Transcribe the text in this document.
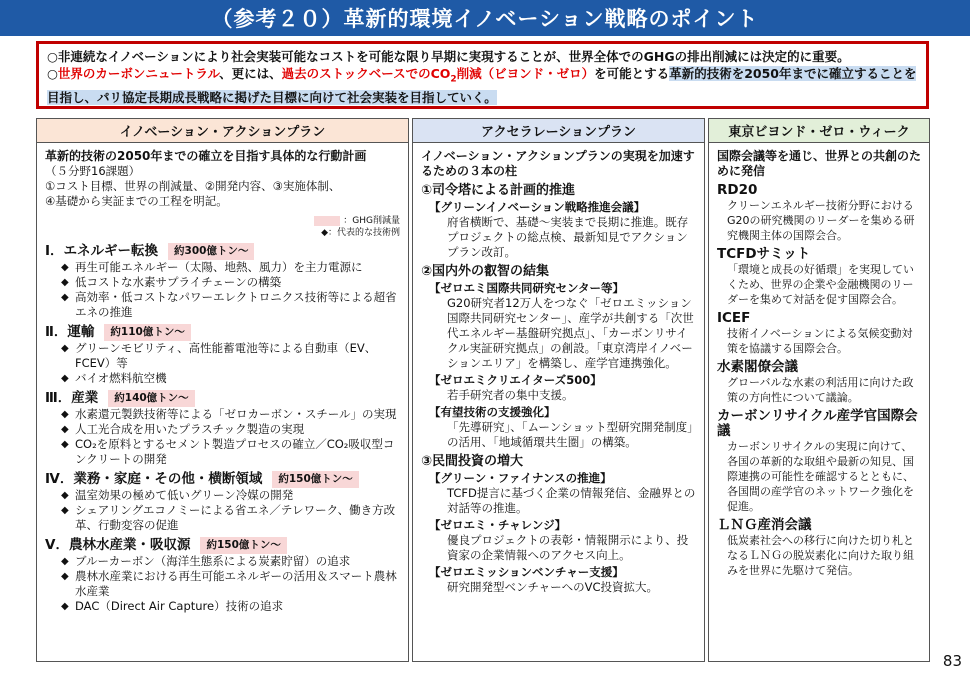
（参考２０）革新的環境イノベーション戦略のポイント
○非連続なイノベーションにより社会実装可能なコストを可能な限り早期に実現することが、世界全体でのGHGの排出削減には決定的に重要。
○世界のカーボンニュートラル、更には、過去のストックベースでの$CO_2$削減（ビヨンド・ゼロ）を可能とする革新的技術を2050年までに確立することを目指し、パリ協定長期成長戦略に掲げた目標に向けて社会実装を目指していく。
イノベーション・アクションプラン
革新的技術の2050年までの確立を目指す具体的な行動計画
（５分野16課題）
①コスト目標、世界の削減量、②開発内容、③実施体制、
④基礎から実証までの工程を明記。
：GHG削減量
◆：代表的な技術例
Ⅰ．エネルギー転換	約300億トン～
◆ 再生可能エネルギー（太陽、地熱、風力）を主力電源に
◆ 低コストな水素サプライチェーンの構築
◆ 高効率・低コストなパワーエレクトロニクス技術等による超省エネの推進
Ⅱ．運輸	約110億トン～
◆ グリーンモビリティ、高性能蓄電池等による自動車（EV、FCEV）等
◆ バイオ燃料航空機
Ⅲ．産業	約140億トン～
◆ 水素還元製鉄技術等による「ゼロカーボン・スチール」の実現
◆ 人工光合成を用いたプラスチック製造の実現
◆ CO₂を原料とするセメント製造プロセスの確立／CO₂吸収型コンクリートの開発
Ⅳ．業務・家庭・その他・横断領域	約150億トン～
◆ 温室効果の極めて低いグリーン冷媒の開発
◆ シェアリングエコノミーによる省エネ／テレワーク、働き方改革、行動変容の促進
Ⅴ．農林水産業・吸収源	約150億トン～
◆ ブルーカーボン（海洋生態系による炭素貯留）の追求
◆ 農林水産業における再生可能エネルギーの活用＆スマート農林水産業
◆ DAC（Direct Air Capture）技術の追求
アクセラレーションプラン
イノベーション・アクションプランの実現を加速するための３本の柱
①司令塔による計画的推進
【グリーンイノベーション戦略推進会議】
府省横断で、基礎～実装まで長期に推進。既存プロジェクトの総点検、最新知見でアクションプラン改訂。
②国内外の叡智の結集
【ゼロエミ国際共同研究センター等】
G20研究者12万人をつなぐ「ゼロエミッション国際共同研究センター」、産学が共創する「次世代エネルギー基盤研究拠点」、「カーボンリサイクル実証研究拠点」の創設。「東京湾岸イノベーションエリア」を構築し、産学官連携強化。
【ゼロエミクリエイターズ500】
若手研究者の集中支援。
【有望技術の支援強化】
「先導研究」、「ムーンショット型研究開発制度」の活用、「地域循環共生圏」の構築。
③民間投資の増大
【グリーン・ファイナンスの推進】
TCFD提言に基づく企業の情報発信、金融界との対話等の推進。
【ゼロエミ・チャレンジ】
優良プロジェクトの表彰・情報開示により、投資家の企業情報へのアクセス向上。
【ゼロエミッションベンチャー支援】
研究開発型ベンチャーへのVC投資拡大。
東京ビヨンド・ゼロ・ウィーク
国際会議等を通じ、世界との共創のために発信
RD20
クリーンエネルギー技術分野におけるG20の研究機関のリーダーを集める研究機関主体の国際会合。
TCFDサミット
「環境と成長の好循環」を実現していくため、世界の企業や金融機関のリーダーを集めて対話を促す国際会合。
ICEF
技術イノベーションによる気候変動対策を協議する国際会合。
水素閣僚会議
グローバルな水素の利活用に向けた政策の方向性について議論。
カーボンリサイクル産学官国際会議
カーボンリサイクルの実現に向けて、各国の革新的な取組や最新の知見、国際連携の可能性を確認するとともに、各国間の産学官のネットワーク強化を促進。
ＬＮＧ産消会議
低炭素社会への移行に向けた切り札となるＬＮＧの脱炭素化に向けた取り組みを世界に先駆けて発信。
83
